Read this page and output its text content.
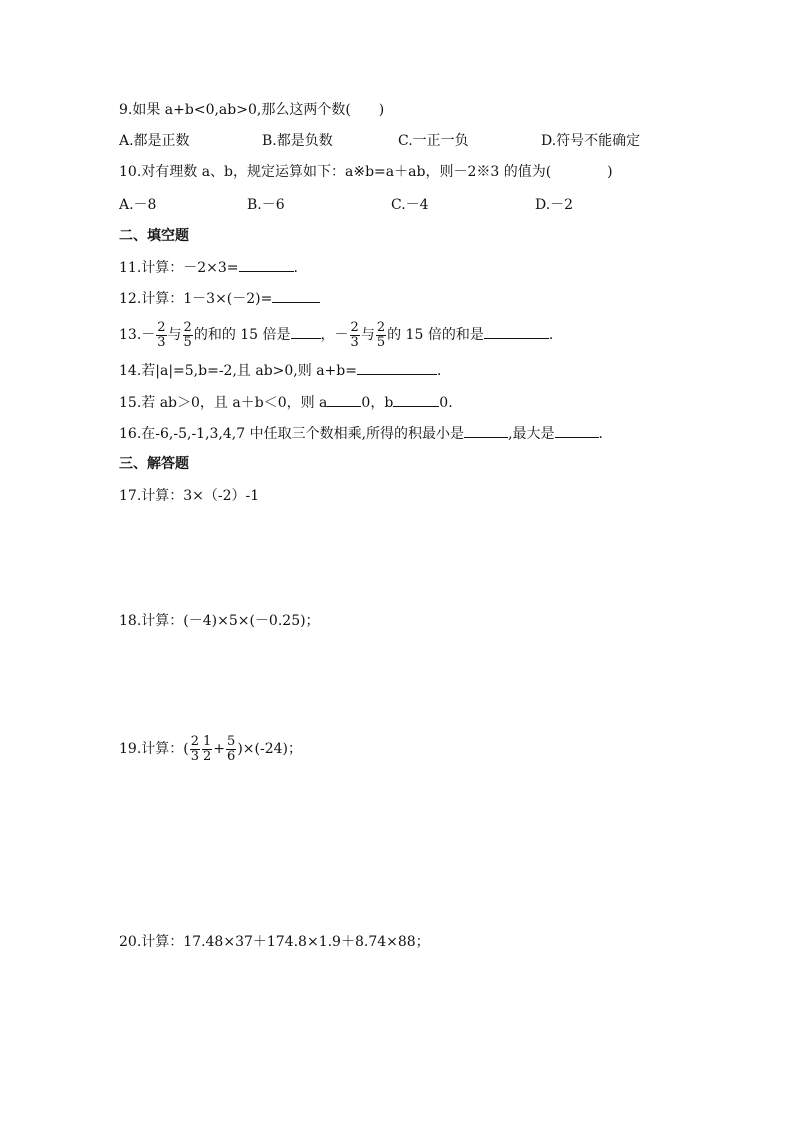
9.如果 a+b<0,ab>0,那么这两个数(　　)
A.都是正数	B.都是负数	C.一正一负	D.符号不能确定
10.对有理数 a、b，规定运算如下：a※b=a＋ab，则－2※3 的值为(　　　　)
A.－8	B.－6	C.－4	D.－2
二、填空题
11.计算：－2×3=	.
12.计算：1－3×(－2)=
$13.- \frac{2}{3}$ 与 $\frac{2}{5}$ 的和的 15 倍是 ，－ $\frac{2}{3}$ 与 $\frac{2}{5}$ 的 15 倍的和是	.
14.若|a|=5,b=-2,且 ab>0,则 a+b=	.
15.若 ab＞0，且 a＋b＜0，则 a 0，b	0.
16.在-6,-5,-1,3,4,7 中任取三个数相乘,所得的积最小是	,最大是	.
三、解答题
17.计算：3×（-2）-1
18.计算：(－4)×5×(－0.25)；
19.计算：( $\frac{2}{3} \frac{1}{2} + \frac{5}{6} )\times(-24)$；
20.计算：17.48×37＋174.8×1.9＋8.74×88；
